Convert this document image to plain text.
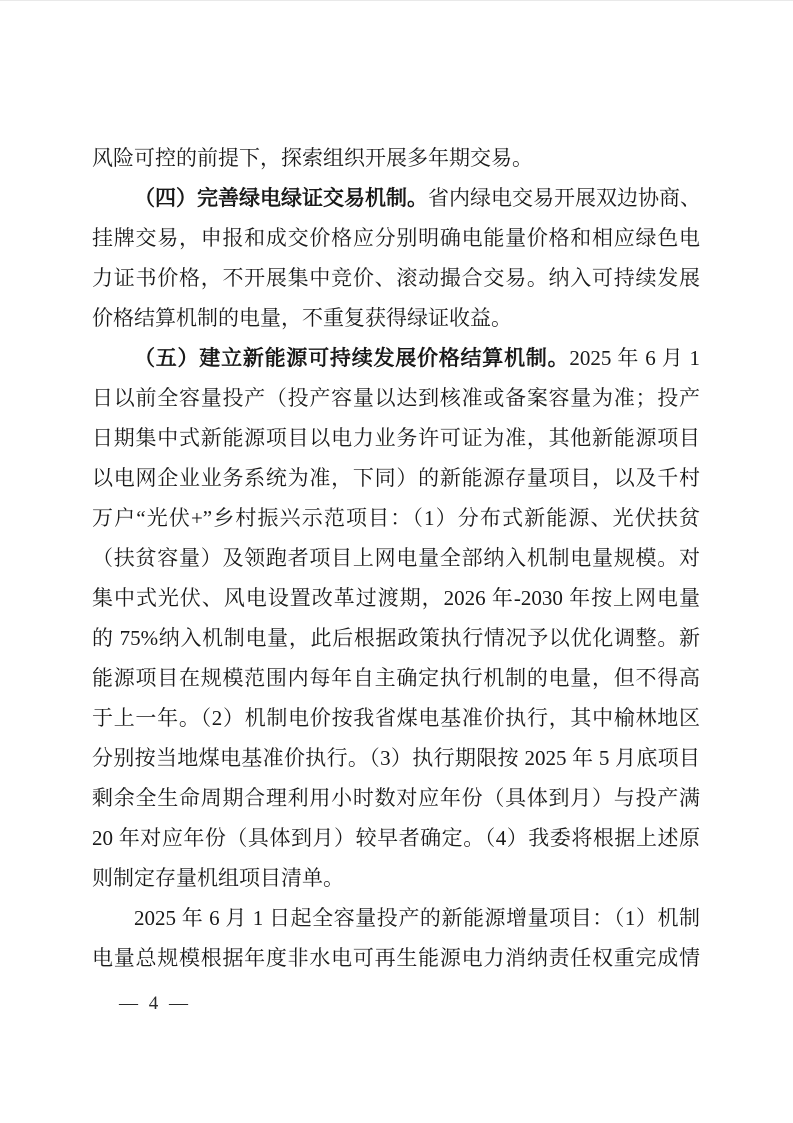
风险可控的前提下，探索组织开展多年期交易。
（四）完善绿电绿证交易机制。省内绿电交易开展双边协商、
挂牌交易，申报和成交价格应分别明确电能量价格和相应绿色电
力证书价格，不开展集中竞价、滚动撮合交易。纳入可持续发展
价格结算机制的电量，不重复获得绿证收益。
（五）建立新能源可持续发展价格结算机制。2025 年 6 月 1
日以前全容量投产（投产容量以达到核准或备案容量为准；投产
日期集中式新能源项目以电力业务许可证为准，其他新能源项目
以电网企业业务系统为准，下同）的新能源存量项目，以及千村
万户“光伏+”乡村振兴示范项目：（1）分布式新能源、光伏扶贫
（扶贫容量）及领跑者项目上网电量全部纳入机制电量规模。对
集中式光伏、风电设置改革过渡期，2026 年-2030 年按上网电量
的 75%纳入机制电量，此后根据政策执行情况予以优化调整。新
能源项目在规模范围内每年自主确定执行机制的电量，但不得高
于上一年。（2）机制电价按我省煤电基准价执行，其中榆林地区
分别按当地煤电基准价执行。（3）执行期限按 2025 年 5 月底项目
剩余全生命周期合理利用小时数对应年份（具体到月）与投产满
20 年对应年份（具体到月）较早者确定。（4）我委将根据上述原
则制定存量机组项目清单。
2025 年 6 月 1 日起全容量投产的新能源增量项目：（1）机制
电量总规模根据年度非水电可再生能源电力消纳责任权重完成情
— 4 —
